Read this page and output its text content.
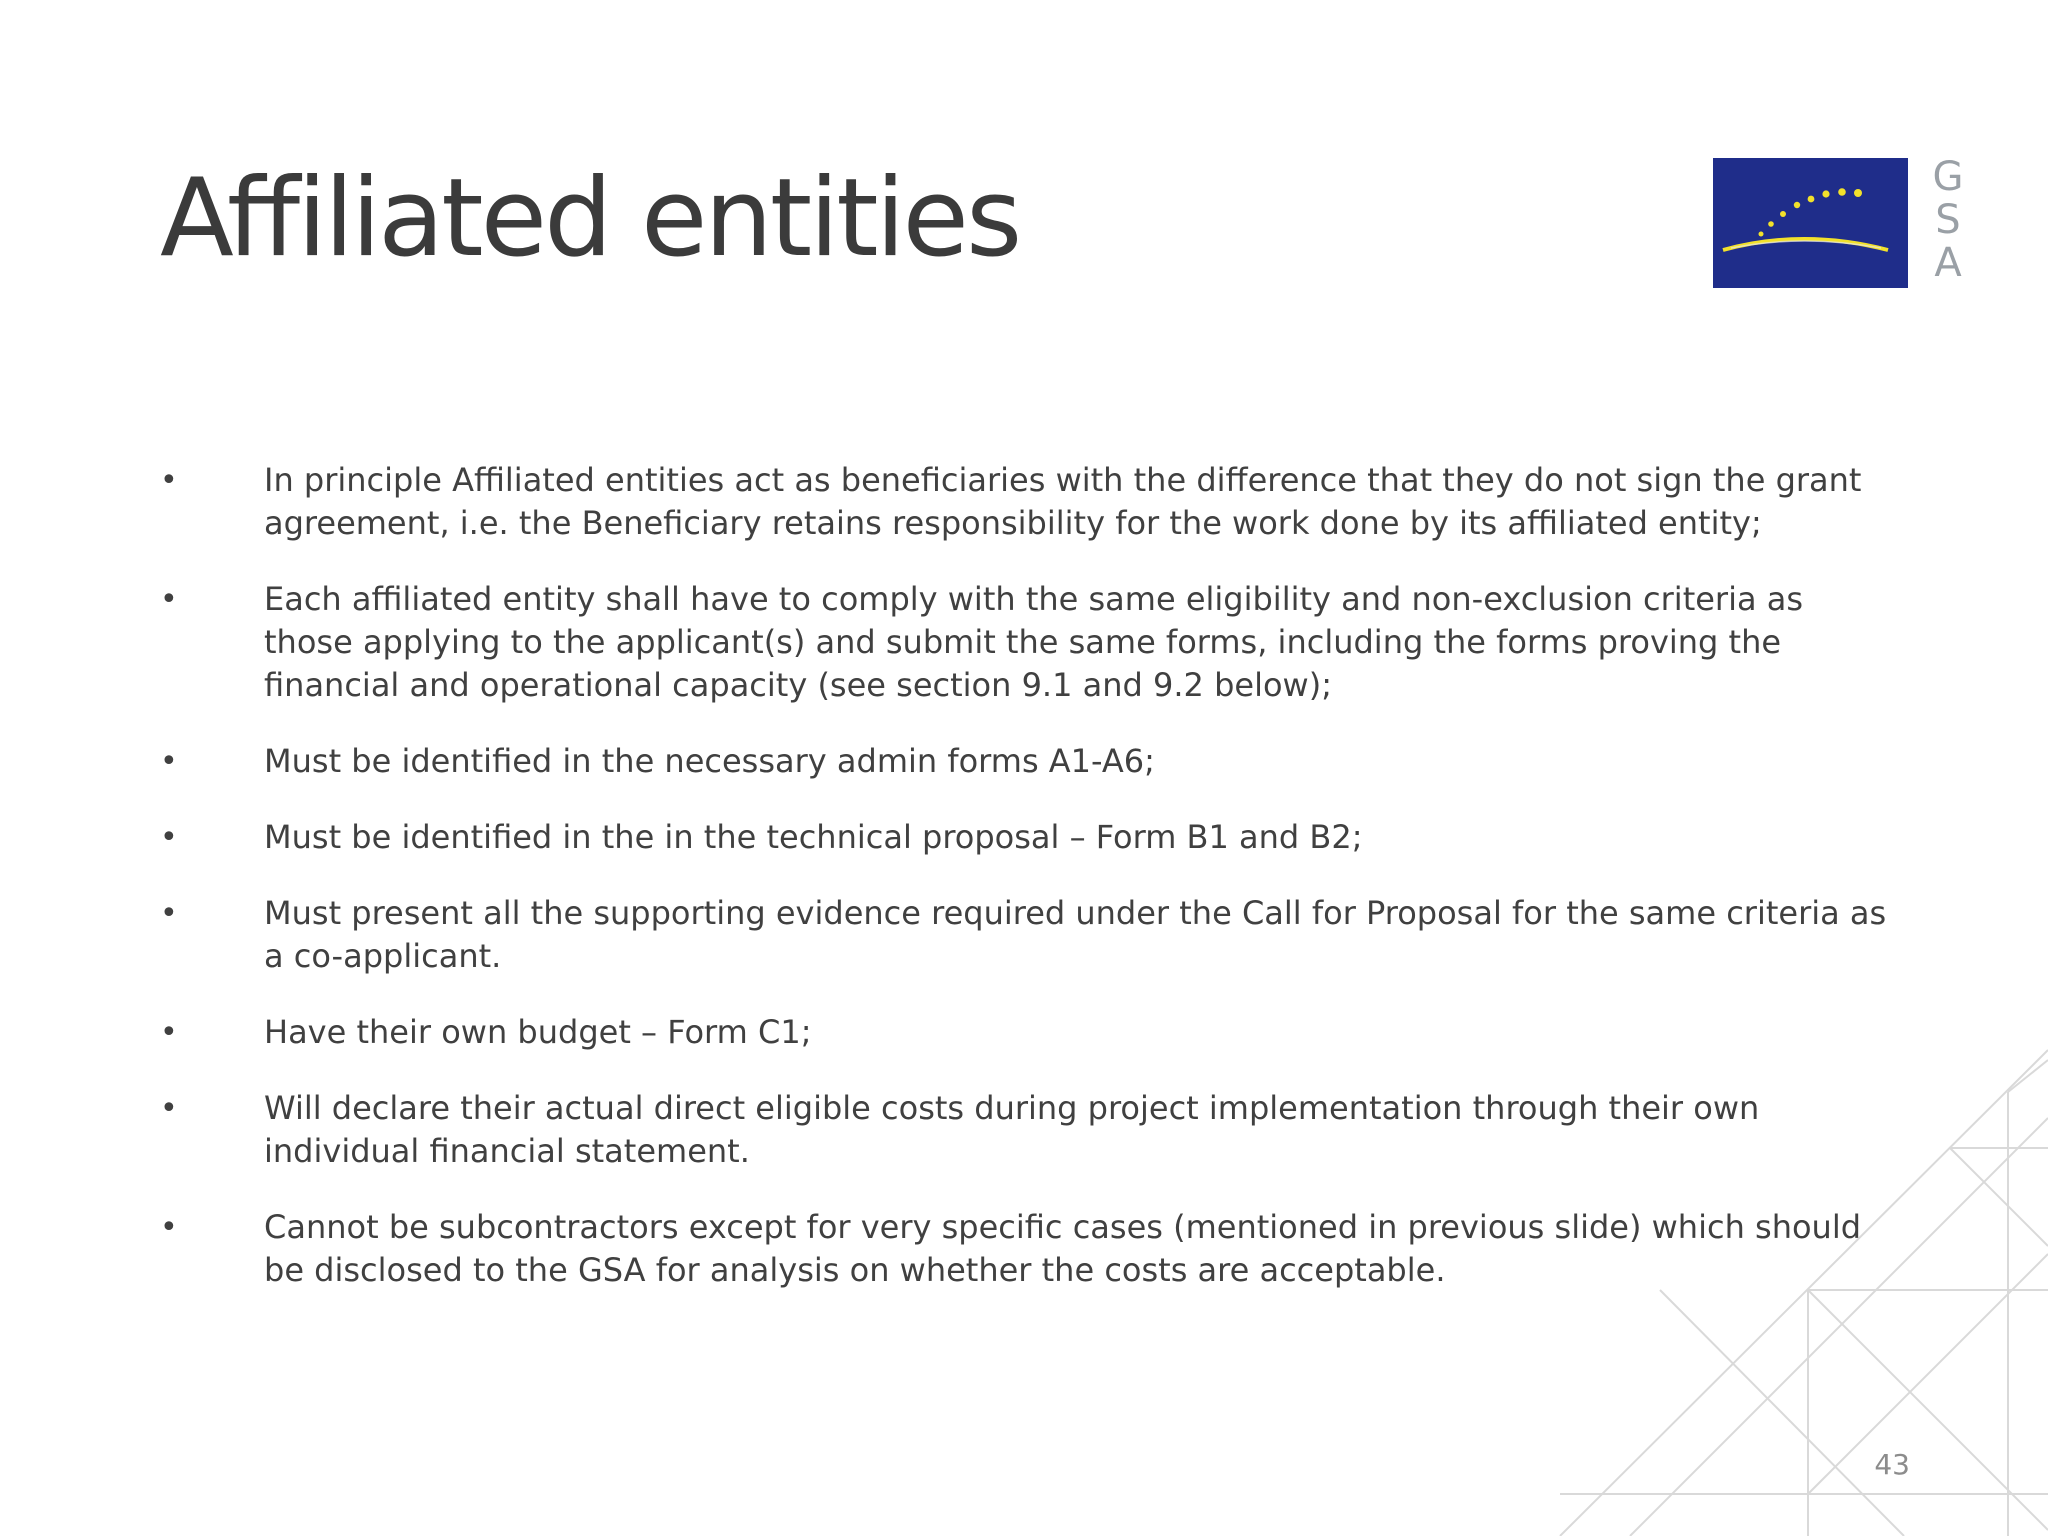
Affiliated entities	G
S
A
•	In principle Affiliated entities act as beneficiaries with the difference that they do not sign the grant agreement, i.e. the Beneficiary retains responsibility for the work done by its affiliated entity;
•	Each affiliated entity shall have to comply with the same eligibility and non-exclusion criteria as those applying to the applicant(s) and submit the same forms, including the forms proving the financial and operational capacity (see section 9.1 and 9.2 below);
•	Must be identified in the necessary admin forms A1-A6;
•	Must be identified in the in the technical proposal – Form B1 and B2;
•	Must present all the supporting evidence required under the Call for Proposal for the same criteria as a co-applicant.
•	Have their own budget – Form C1;
•	Will declare their actual direct eligible costs during project implementation through their own individual financial statement.
•	Cannot be subcontractors except for very specific cases (mentioned in previous slide) which should be disclosed to the GSA for analysis on whether the costs are acceptable.
43
